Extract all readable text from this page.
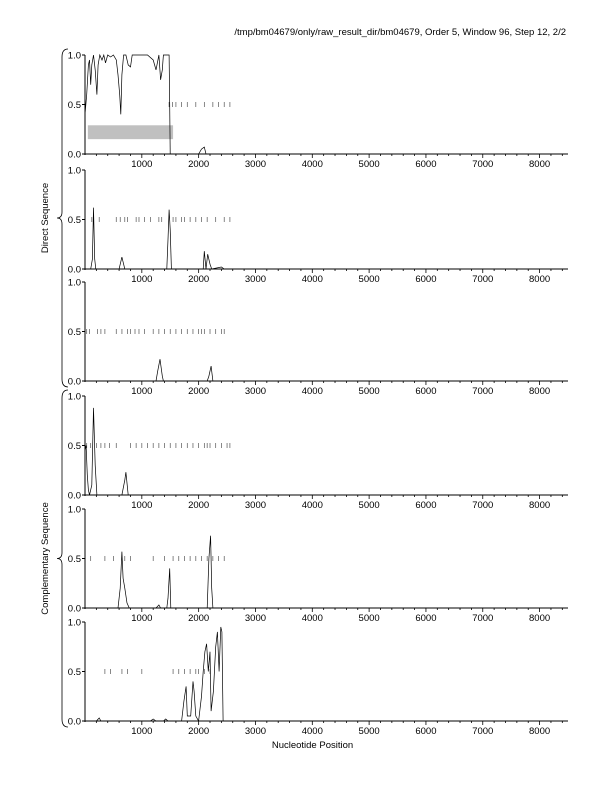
/tmp/bm04679/only/raw_result_dir/bm04679, Order 5, Window 96, Step 12, 2/2
0.0
0.5
1.0
1000	2000	3000	4000	5000	6000	7000	8000
0.0
0.5
1.0
1000	2000	3000	4000	5000	6000	7000	8000
0.0
0.5
1.0
1000	2000	3000	4000	5000	6000	7000	8000
0.0
0.5
1.0
1000	2000	3000	4000	5000	6000	7000	8000
0.0
0.5
1.0
1000	2000	3000	4000	5000	6000	7000	8000
0.0
0.5
1.0
1000	2000	3000	4000	5000	6000	7000	8000
Direct Sequence
Complementary Sequence
Nucleotide Position
